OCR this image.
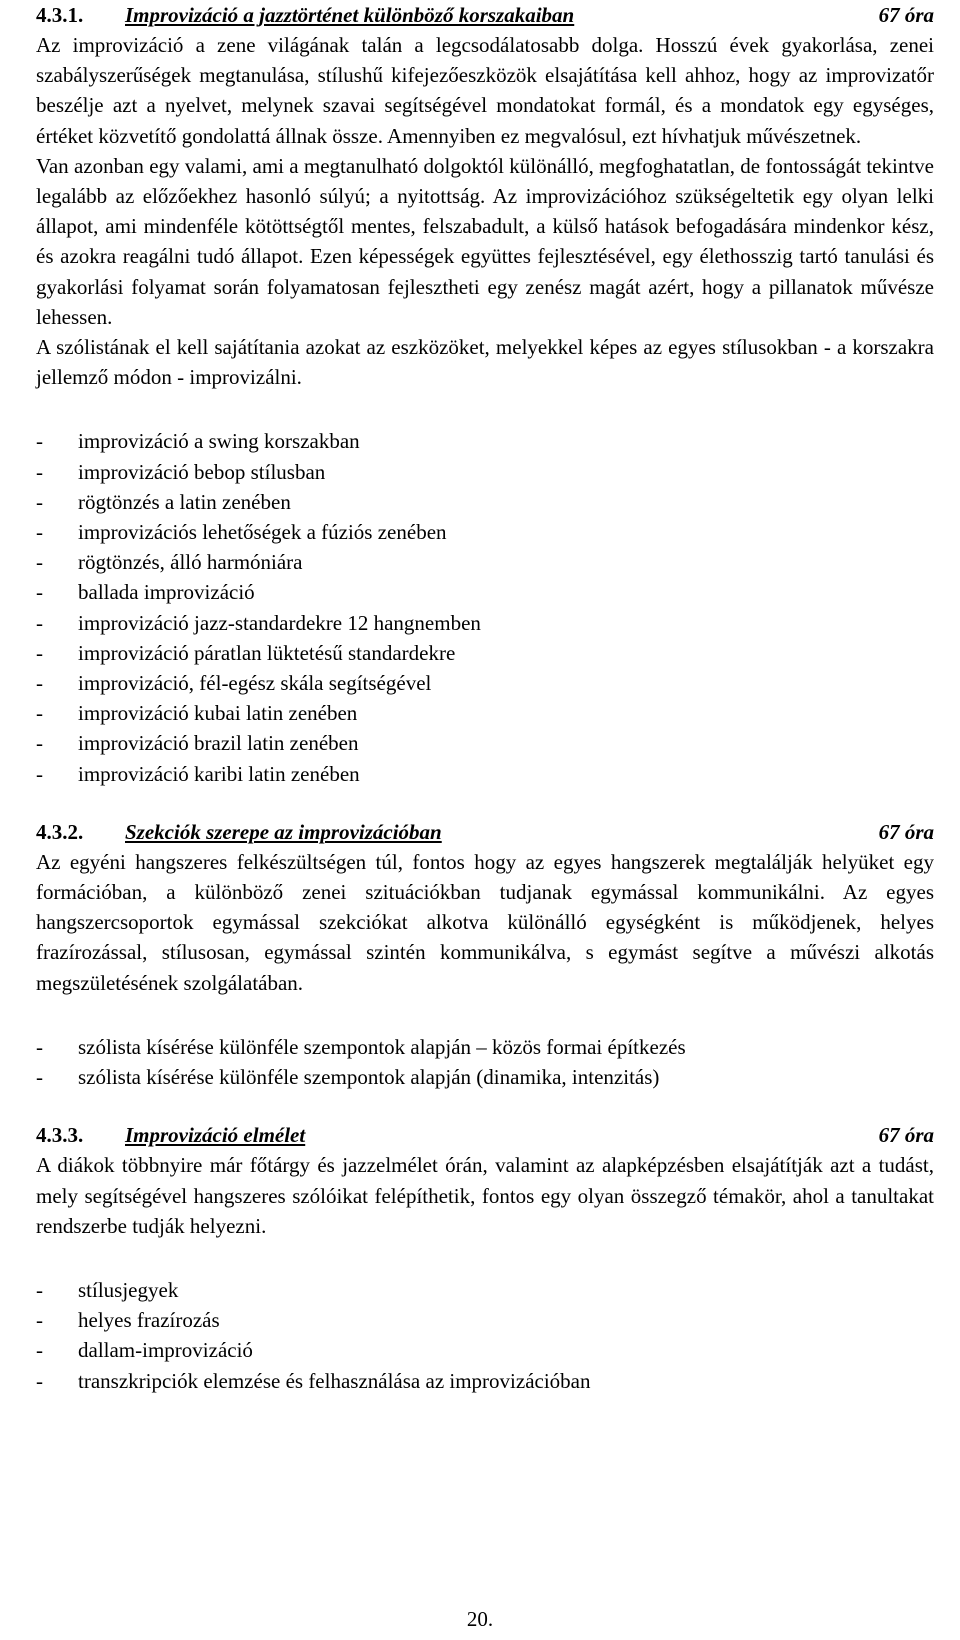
4.3.1.	Improvizáció a jazztörténet különböző korszakaiban	67 óra

Az improvizáció a zene világának talán a legcsodálatosabb dolga. Hosszú évek gyakorlása, zenei szabályszerűségek megtanulása, stílushű kifejezőeszközök elsajátítása kell ahhoz, hogy az improvizatőr beszélje azt a nyelvet, melynek szavai segítségével mondatokat formál, és a mondatok egy egységes, értéket közvetítő gondolattá állnak össze. Amennyiben ez megvalósul, ezt hívhatjuk művészetnek.

Van azonban egy valami, ami a megtanulható dolgoktól különálló, megfoghatatlan, de fontosságát tekintve legalább az előzőekhez hasonló súlyú; a nyitottság. Az improvizációhoz szükségeltetik egy olyan lelki állapot, ami mindenféle kötöttségtől mentes, felszabadult, a külső hatások befogadására mindenkor kész, és azokra reagálni tudó állapot. Ezen képességek együttes fejlesztésével, egy élethosszig tartó tanulási és gyakorlási folyamat során folyamatosan fejlesztheti egy zenész magát azért, hogy a pillanatok művésze lehessen.

A szólistának el kell sajátítania azokat az eszközöket, melyekkel képes az egyes stílusokban - a korszakra jellemző módon - improvizálni.

-	improvizáció a swing korszakban
-	improvizáció bebop stílusban
-	rögtönzés a latin zenében
-	improvizációs lehetőségek a fúziós zenében
-	rögtönzés, álló harmóniára
-	ballada improvizáció
-	improvizáció jazz-standardekre 12 hangnemben
-	improvizáció páratlan lüktetésű standardekre
-	improvizáció, fél-egész skála segítségével
-	improvizáció kubai latin zenében
-	improvizáció brazil latin zenében
-	improvizáció karibi latin zenében
4.3.2.	Szekciók szerepe az improvizációban	67 óra

Az egyéni hangszeres felkészültségen túl, fontos hogy az egyes hangszerek megtalálják helyüket egy formációban, a különböző zenei szituációkban tudjanak egymással kommunikálni. Az egyes hangszercsoportok egymással szekciókat alkotva különálló egységként is működjenek, helyes frazírozással, stílusosan, egymással szintén kommunikálva, s egymást segítve a művészi alkotás megszületésének szolgálatában.

-	szólista kísérése különféle szempontok alapján – közös formai építkezés
-	szólista kísérése különféle szempontok alapján (dinamika, intenzitás)
4.3.3.	Improvizáció elmélet	67 óra

A diákok többnyire már főtárgy és jazzelmélet órán, valamint az alapképzésben elsajátítják azt a tudást, mely segítségével hangszeres szólóikat felépíthetik, fontos egy olyan összegző témakör, ahol a tanultakat rendszerbe tudják helyezni.

-	stílusjegyek
-	helyes frazírozás
-	dallam-improvizáció
-	transzkripciók elemzése és felhasználása az improvizációban
20.
